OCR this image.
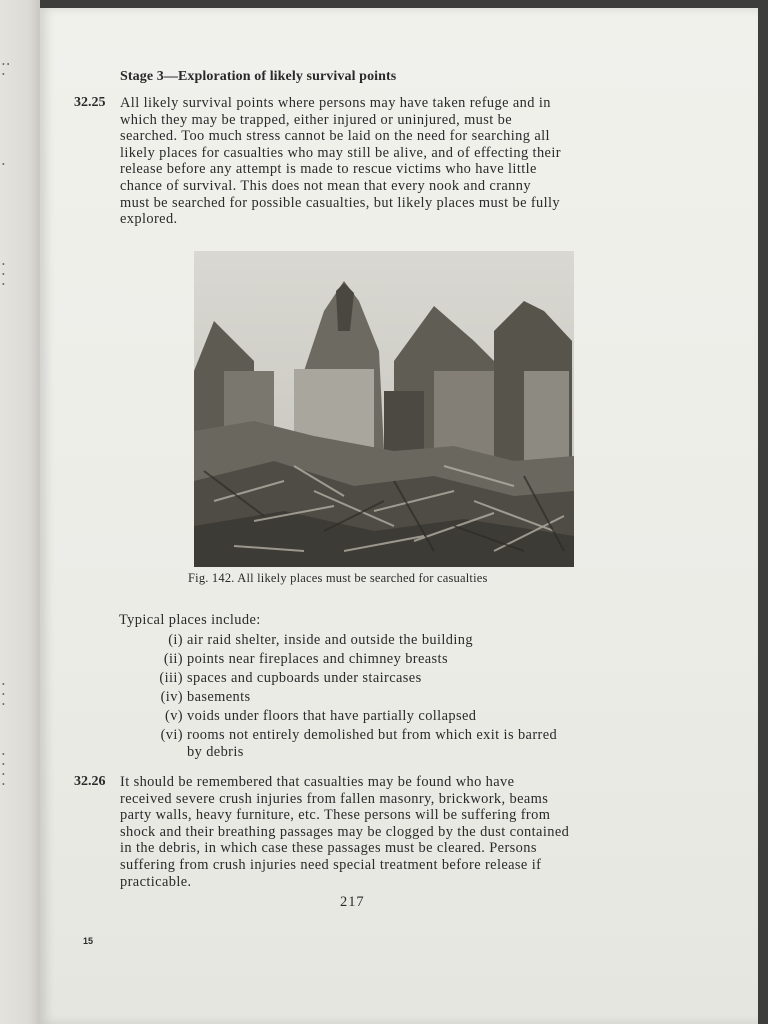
• •
•
•
•
•
•
•
•
•
•
•
•
•
Stage 3—Exploration of likely survival points
32.25 All likely survival points where persons may have taken refuge and in
which they may be trapped, either injured or uninjured, must be
searched. Too much stress cannot be laid on the need for searching all
likely places for casualties who may still be alive, and of effecting their
release before any attempt is made to rescue victims who have little
chance of survival. This does not mean that every nook and cranny
must be searched for possible casualties, but likely places must be fully
explored.
Fig. 142. All likely places must be searched for casualties
Typical places include:
(i) air raid shelter, inside and outside the building
(ii) points near fireplaces and chimney breasts
(iii) spaces and cupboards under staircases
(iv) basements
(v) voids under floors that have partially collapsed
(vi) rooms not entirely demolished but from which exit is barred
by debris
32.26 It should be remembered that casualties may be found who have
received severe crush injuries from fallen masonry, brickwork, beams
party walls, heavy furniture, etc. These persons will be suffering from
shock and their breathing passages may be clogged by the dust contained
in the debris, in which case these passages must be cleared. Persons
suffering from crush injuries need special treatment before release if
practicable.
217
15
